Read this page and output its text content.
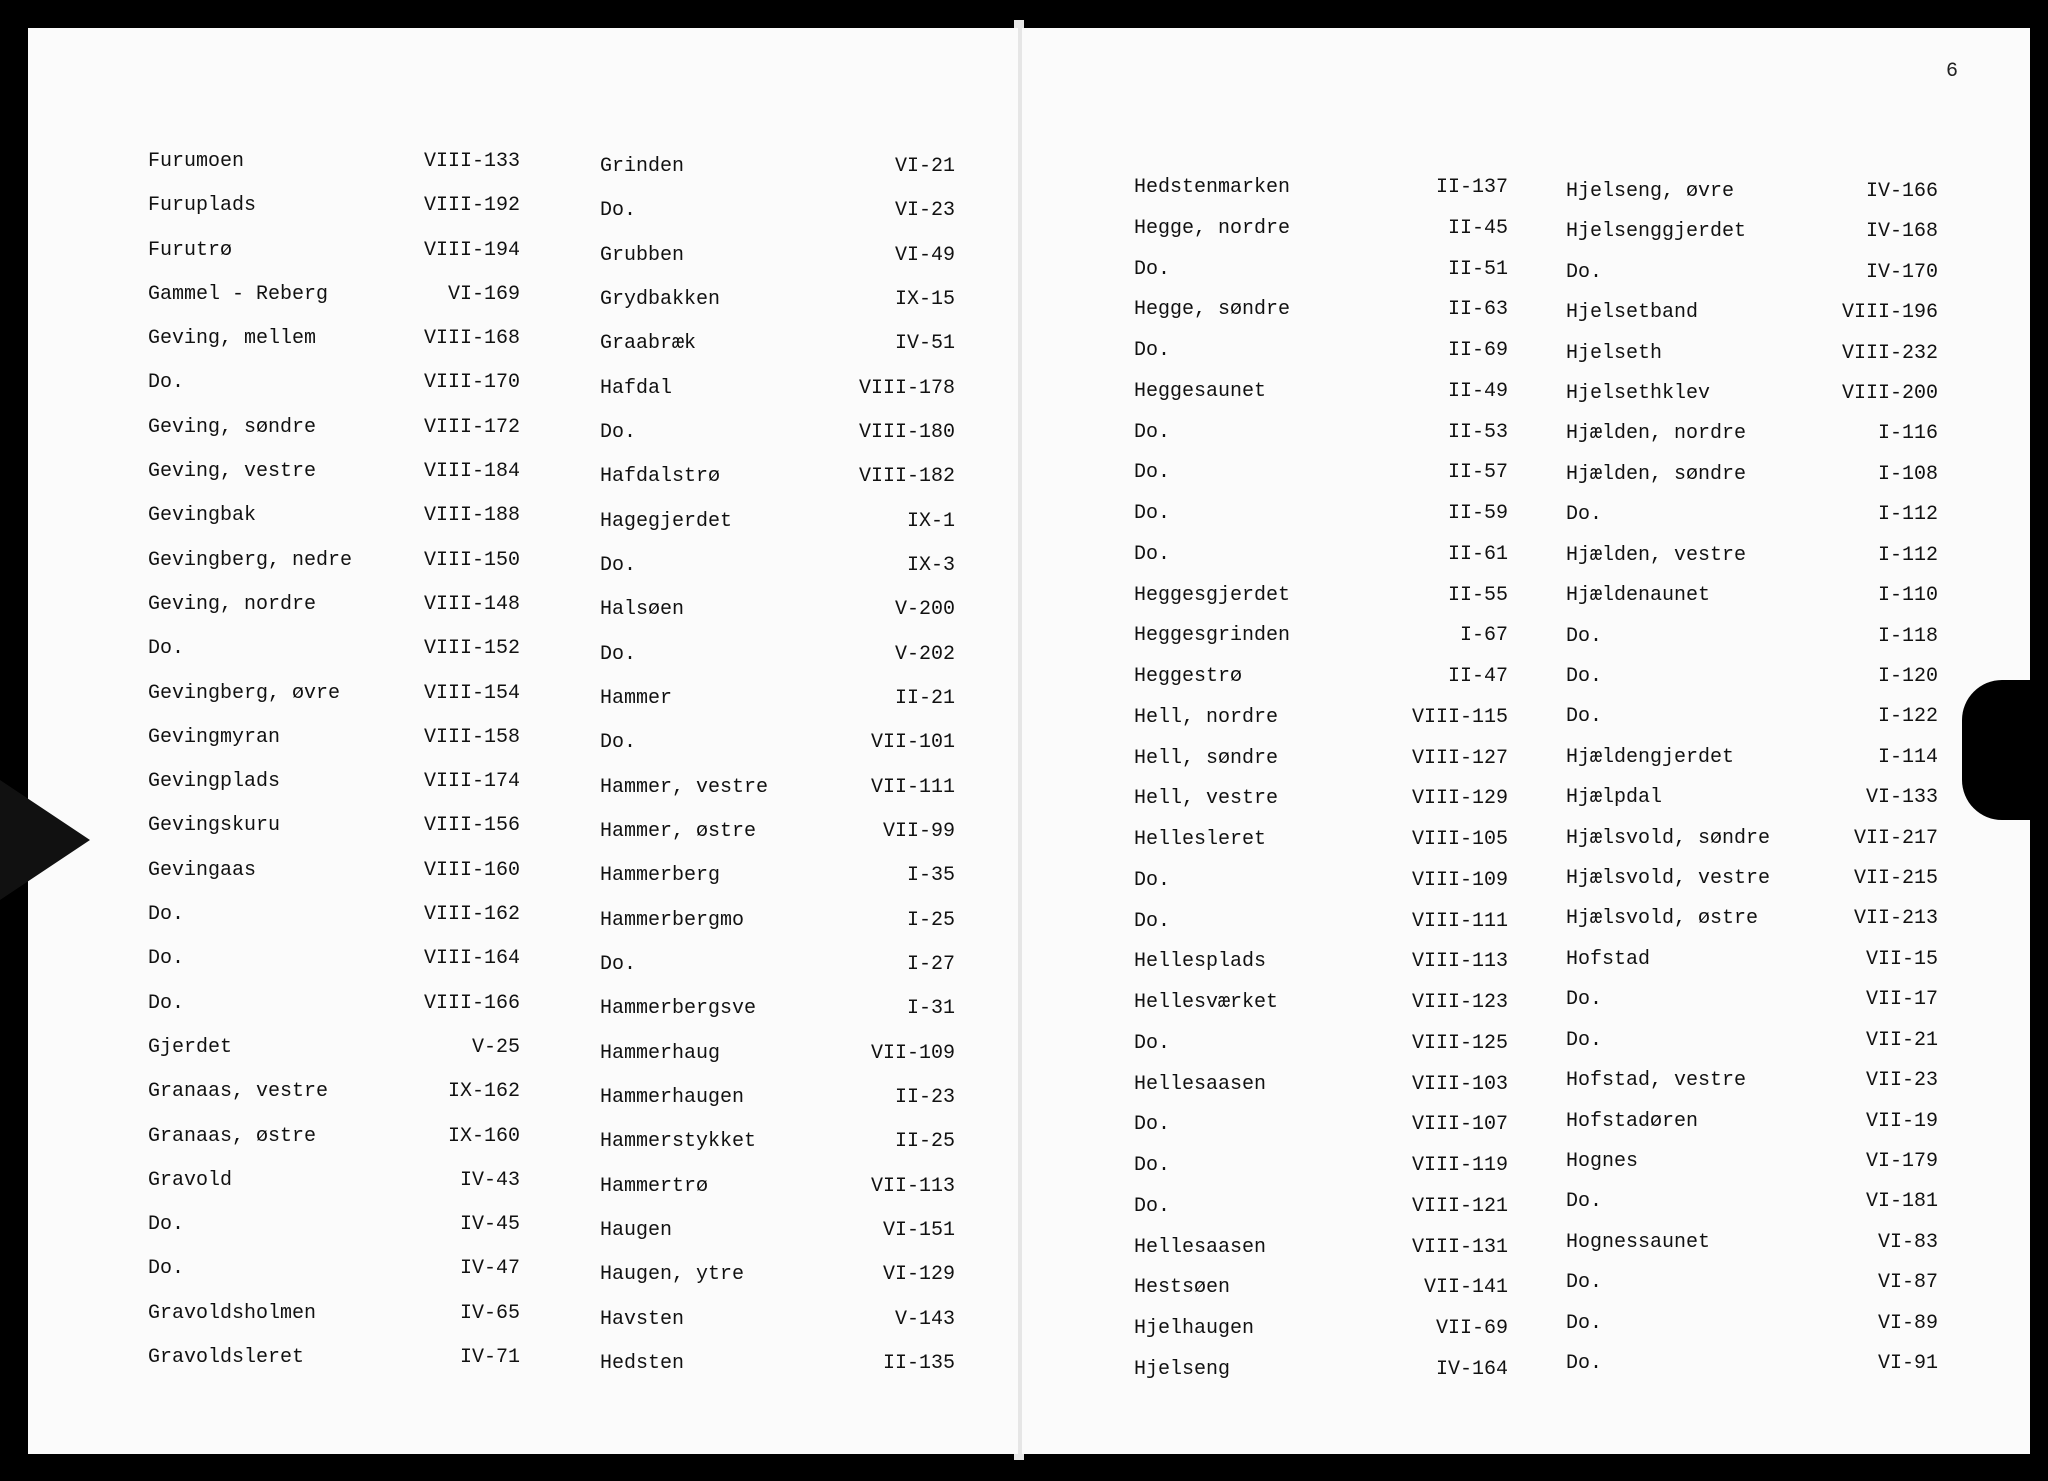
6
Furumoen	VIII-133
Furuplads	VIII-192
Furutrø	VIII-194
Gammel - Reberg	VI-169
Geving, mellem	VIII-168
Do.	VIII-170
Geving, søndre	VIII-172
Geving, vestre	VIII-184
Gevingbak	VIII-188
Gevingberg, nedre	VIII-150
Geving, nordre	VIII-148
Do.	VIII-152
Gevingberg, øvre	VIII-154
Gevingmyran	VIII-158
Gevingplads	VIII-174
Gevingskuru	VIII-156
Gevingaas	VIII-160
Do.	VIII-162
Do.	VIII-164
Do.	VIII-166
Gjerdet	V-25
Granaas, vestre	IX-162
Granaas, østre	IX-160
Gravold	IV-43
Do.	IV-45
Do.	IV-47
Gravoldsholmen	IV-65
Gravoldsleret	IV-71
Grinden	VI-21
Do.	VI-23
Grubben	VI-49
Grydbakken	IX-15
Graabræk	IV-51
Hafdal	VIII-178
Do.	VIII-180
Hafdalstrø	VIII-182
Hagegjerdet	IX-1
Do.	IX-3
Halsøen	V-200
Do.	V-202
Hammer	II-21
Do.	VII-101
Hammer, vestre	VII-111
Hammer, østre	VII-99
Hammerberg	I-35
Hammerbergmo	I-25
Do.	I-27
Hammerbergsve	I-31
Hammerhaug	VII-109
Hammerhaugen	II-23
Hammerstykket	II-25
Hammertrø	VII-113
Haugen	VI-151
Haugen, ytre	VI-129
Havsten	V-143
Hedsten	II-135
Hedstenmarken	II-137
Hegge, nordre	II-45
Do.	II-51
Hegge, søndre	II-63
Do.	II-69
Heggesaunet	II-49
Do.	II-53
Do.	II-57
Do.	II-59
Do.	II-61
Heggesgjerdet	II-55
Heggesgrinden	I-67
Heggestrø	II-47
Hell, nordre	VIII-115
Hell, søndre	VIII-127
Hell, vestre	VIII-129
Hellesleret	VIII-105
Do.	VIII-109
Do.	VIII-111
Hellesplads	VIII-113
Hellesværket	VIII-123
Do.	VIII-125
Hellesaasen	VIII-103
Do.	VIII-107
Do.	VIII-119
Do.	VIII-121
Hellesaasen	VIII-131
Hestsøen	VII-141
Hjelhaugen	VII-69
Hjelseng	IV-164
Hjelseng, øvre	IV-166
Hjelsenggjerdet	IV-168
Do.	IV-170
Hjelsetband	VIII-196
Hjelseth	VIII-232
Hjelsethklev	VIII-200
Hjælden, nordre	I-116
Hjælden, søndre	I-108
Do.	I-112
Hjælden, vestre	I-112
Hjældenaunet	I-110
Do.	I-118
Do.	I-120
Do.	I-122
Hjældengjerdet	I-114
Hjælpdal	VI-133
Hjælsvold, søndre	VII-217
Hjælsvold, vestre	VII-215
Hjælsvold, østre	VII-213
Hofstad	VII-15
Do.	VII-17
Do.	VII-21
Hofstad, vestre	VII-23
Hofstadøren	VII-19
Hognes	VI-179
Do.	VI-181
Hognessaunet	VI-83
Do.	VI-87
Do.	VI-89
Do.	VI-91
